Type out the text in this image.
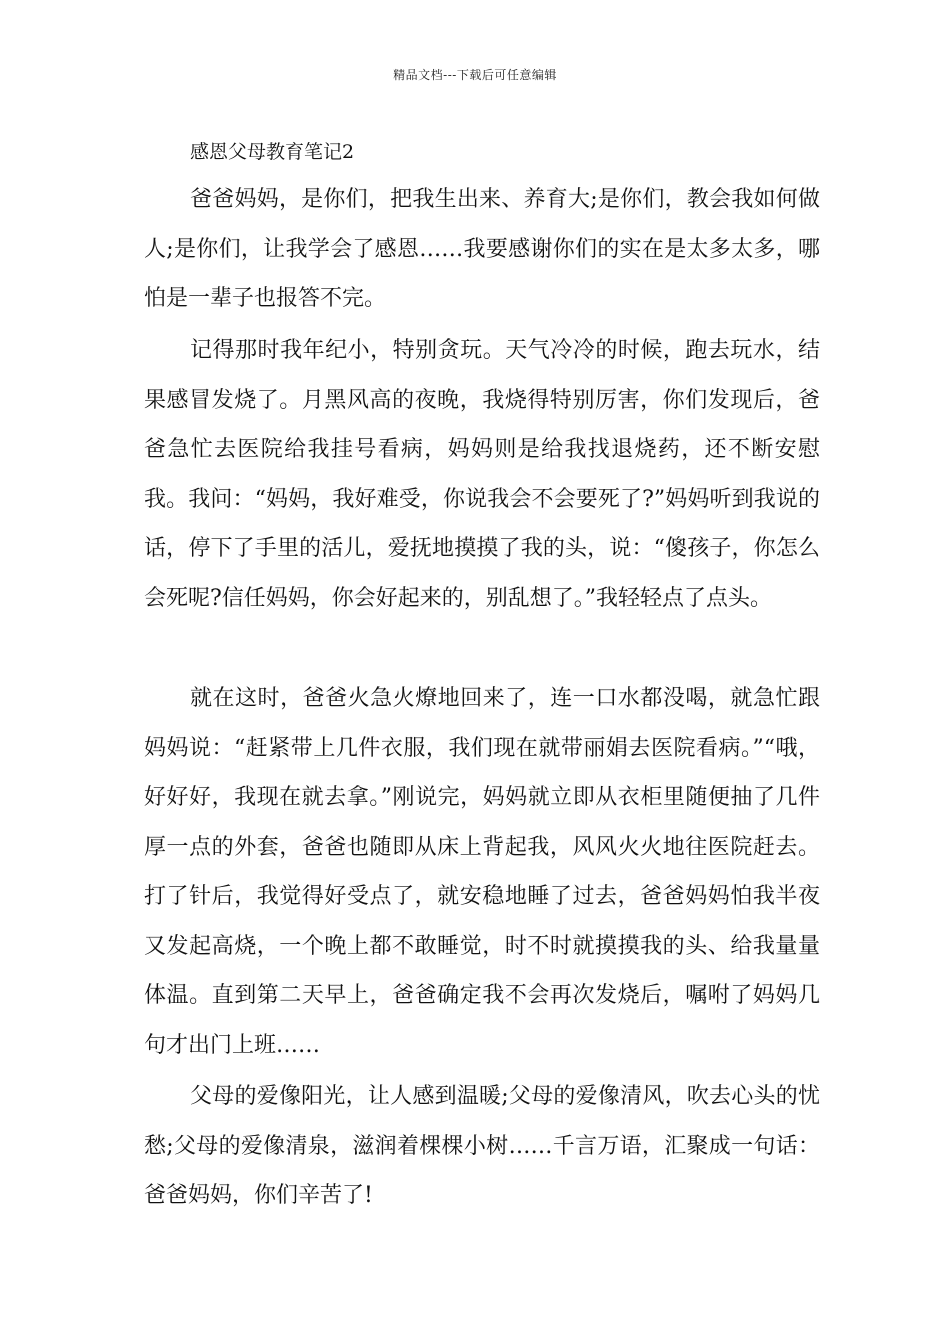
精品文档---下载后可任意编辑
感恩父母教育笔记2

爸爸妈妈，是你们，把我生出来、养育大;是你们，教会我如何做人;是你们，让我学会了感恩……我要感谢你们的实在是太多太多，哪怕是一辈子也报答不完。

记得那时我年纪小，特别贪玩。天气冷冷的时候，跑去玩水，结果感冒发烧了。月黑风高的夜晚，我烧得特别厉害，你们发现后，爸爸急忙去医院给我挂号看病，妈妈则是给我找退烧药，还不断安慰我。我问：“妈妈，我好难受，你说我会不会要死了?”妈妈听到我说的话，停下了手里的活儿，爱抚地摸摸了我的头，说：“傻孩子，你怎么会死呢?信任妈妈，你会好起来的，别乱想了。”我轻轻点了点头。

就在这时，爸爸火急火燎地回来了，连一口水都没喝，就急忙跟妈妈说：“赶紧带上几件衣服，我们现在就带丽娟去医院看病。”“哦，好好好，我现在就去拿。”刚说完，妈妈就立即从衣柜里随便抽了几件厚一点的外套，爸爸也随即从床上背起我，风风火火地往医院赶去。打了针后，我觉得好受点了，就安稳地睡了过去，爸爸妈妈怕我半夜又发起高烧，一个晚上都不敢睡觉，时不时就摸摸我的头、给我量量体温。直到第二天早上，爸爸确定我不会再次发烧后，嘱咐了妈妈几句才出门上班……

父母的爱像阳光，让人感到温暖;父母的爱像清风，吹去心头的忧愁;父母的爱像清泉，滋润着棵棵小树……千言万语，汇聚成一句话：爸爸妈妈，你们辛苦了!
